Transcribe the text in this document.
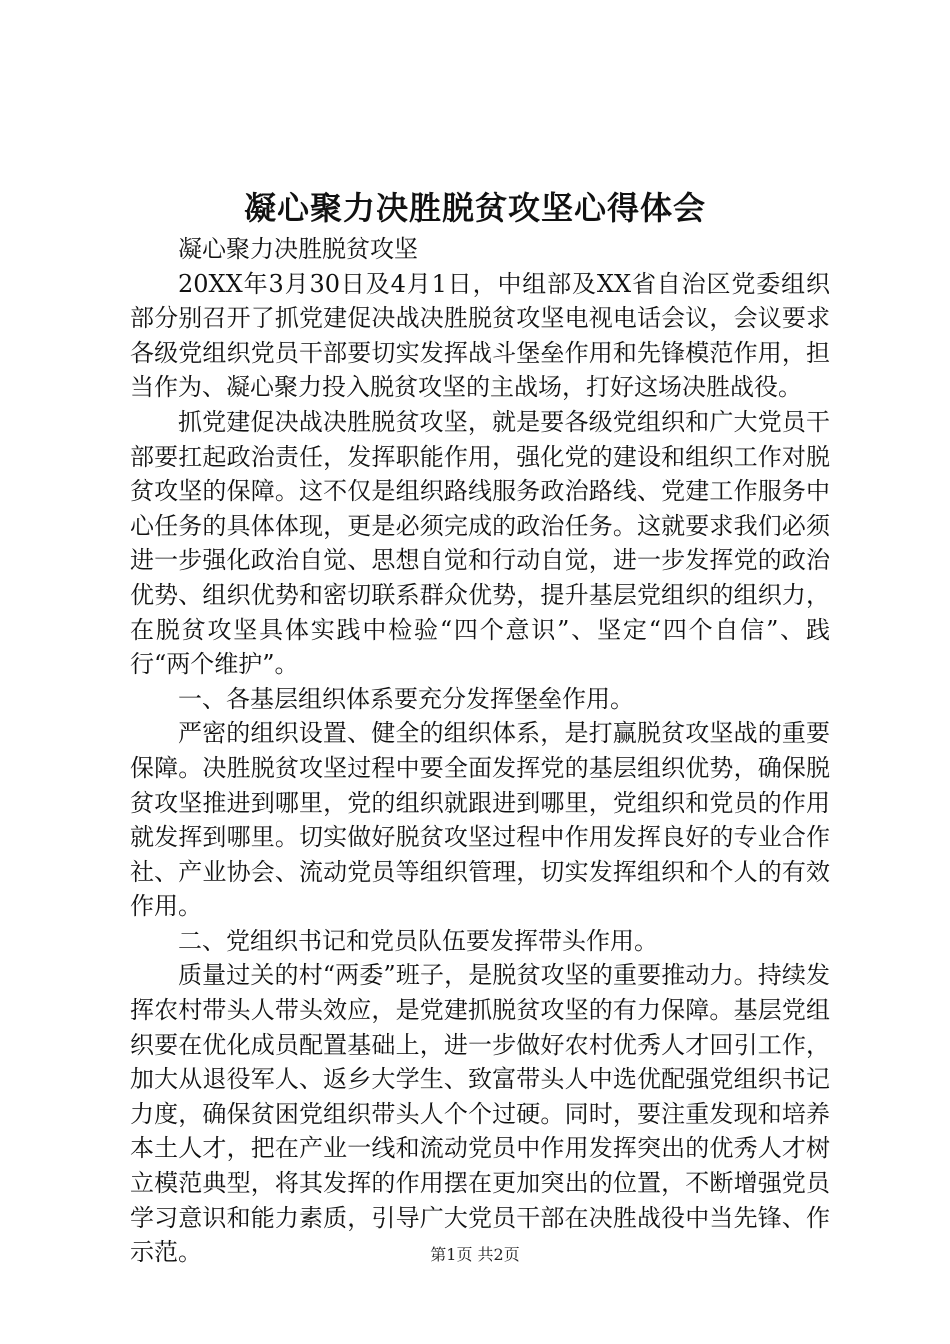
凝心聚力决胜脱贫攻坚心得体会

凝心聚力决胜脱贫攻坚

20XX年3月30日及4月1日，中组部及XX省自治区党委组织部分别召开了抓党建促决战决胜脱贫攻坚电视电话会议，会议要求各级党组织党员干部要切实发挥战斗堡垒作用和先锋模范作用，担当作为、凝心聚力投入脱贫攻坚的主战场，打好这场决胜战役。

抓党建促决战决胜脱贫攻坚，就是要各级党组织和广大党员干部要扛起政治责任，发挥职能作用，强化党的建设和组织工作对脱贫攻坚的保障。这不仅是组织路线服务政治路线、党建工作服务中心任务的具体体现，更是必须完成的政治任务。这就要求我们必须进一步强化政治自觉、思想自觉和行动自觉，进一步发挥党的政治优势、组织优势和密切联系群众优势，提升基层党组织的组织力，在脱贫攻坚具体实践中检验“四个意识”、坚定“四个自信”、践行“两个维护”。

一、各基层组织体系要充分发挥堡垒作用。

严密的组织设置、健全的组织体系，是打赢脱贫攻坚战的重要保障。决胜脱贫攻坚过程中要全面发挥党的基层组织优势，确保脱贫攻坚推进到哪里，党的组织就跟进到哪里，党组织和党员的作用就发挥到哪里。切实做好脱贫攻坚过程中作用发挥良好的专业合作社、产业协会、流动党员等组织管理，切实发挥组织和个人的有效作用。

二、党组织书记和党员队伍要发挥带头作用。

质量过关的村“两委”班子，是脱贫攻坚的重要推动力。持续发挥农村带头人带头效应，是党建抓脱贫攻坚的有力保障。基层党组织要在优化成员配置基础上，进一步做好农村优秀人才回引工作，加大从退役军人、返乡大学生、致富带头人中选优配强党组织书记力度，确保贫困党组织带头人个个过硬。同时，要注重发现和培养本土人才，把在产业一线和流动党员中作用发挥突出的优秀人才树立模范典型，将其发挥的作用摆在更加突出的位置，不断增强党员学习意识和能力素质，引导广大党员干部在决胜战役中当先锋、作示范。	第1页 共2页
